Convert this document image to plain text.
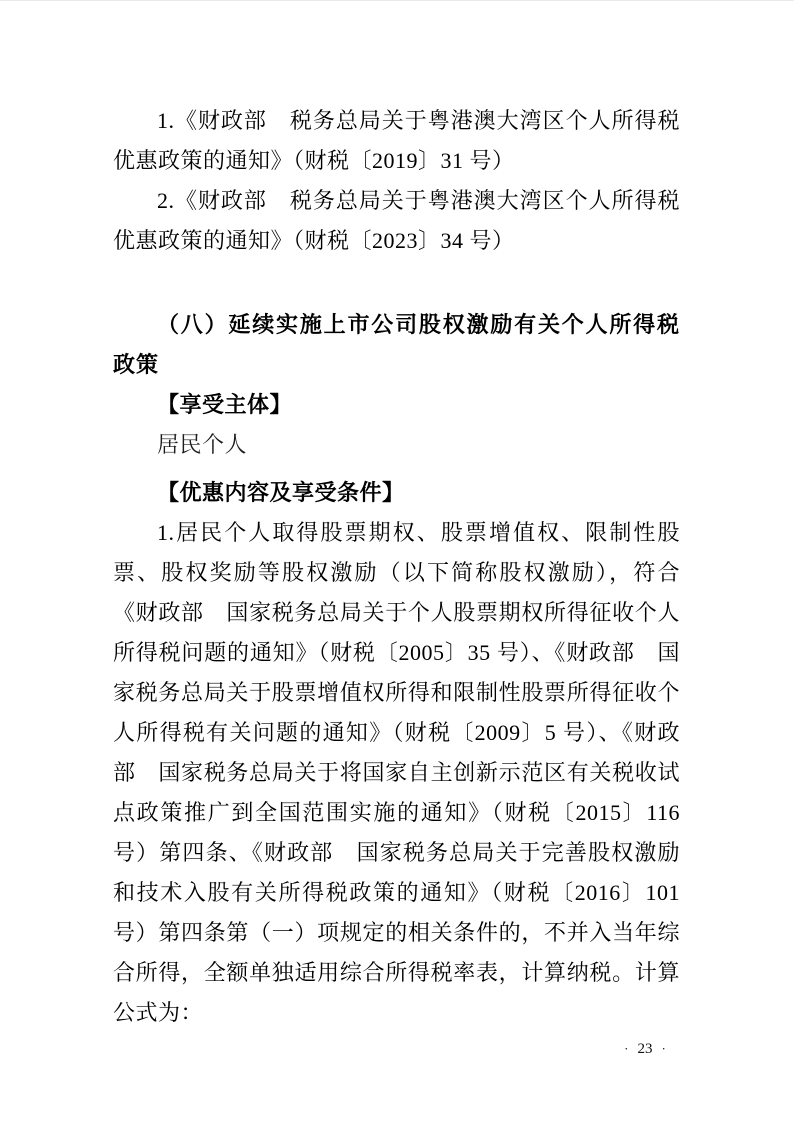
1.《财政部　税务总局关于粤港澳大湾区个人所得税优惠政策的通知》（财税〔2019〕31 号）

2.《财政部　税务总局关于粤港澳大湾区个人所得税优惠政策的通知》（财税〔2023〕34 号）

（八）延续实施上市公司股权激励有关个人所得税政策
【享受主体】

居民个人

【优惠内容及享受条件】

1.居民个人取得股票期权、股票增值权、限制性股票、股权奖励等股权激励（以下简称股权激励），符合《财政部　国家税务总局关于个人股票期权所得征收个人所得税问题的通知》（财税〔2005〕35 号）、《财政部　国家税务总局关于股票增值权所得和限制性股票所得征收个人所得税有关问题的通知》（财税〔2009〕5 号）、《财政部　国家税务总局关于将国家自主创新示范区有关税收试点政策推广到全国范围实施的通知》（财税〔2015〕116 号）第四条、《财政部　国家税务总局关于完善股权激励和技术入股有关所得税政策的通知》（财税〔2016〕101 号）第四条第（一）项规定的相关条件的，不并入当年综合所得，全额单独适用综合所得税率表，计算纳税。计算公式为：

· 23 ·
